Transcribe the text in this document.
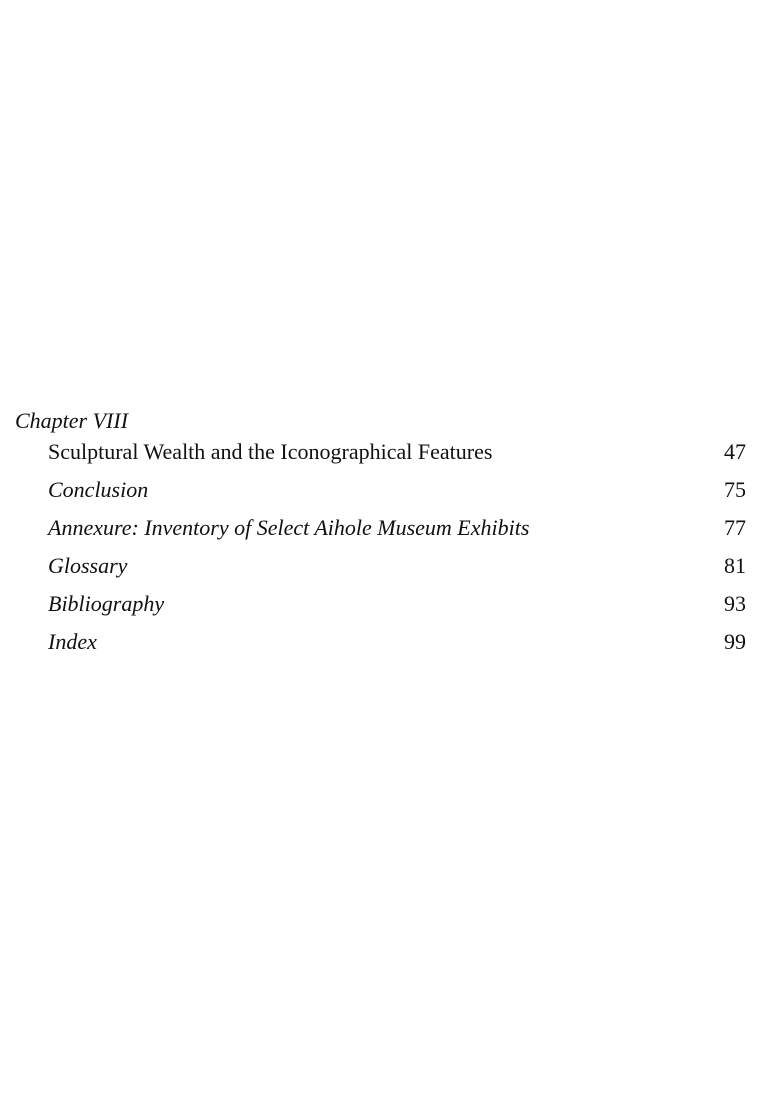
Chapter VIII
Sculptural Wealth and the Iconographical Features	47
Conclusion	75
Annexure: Inventory of Select Aihole Museum Exhibits	77
Glossary	81
Bibliography	93
Index	99
